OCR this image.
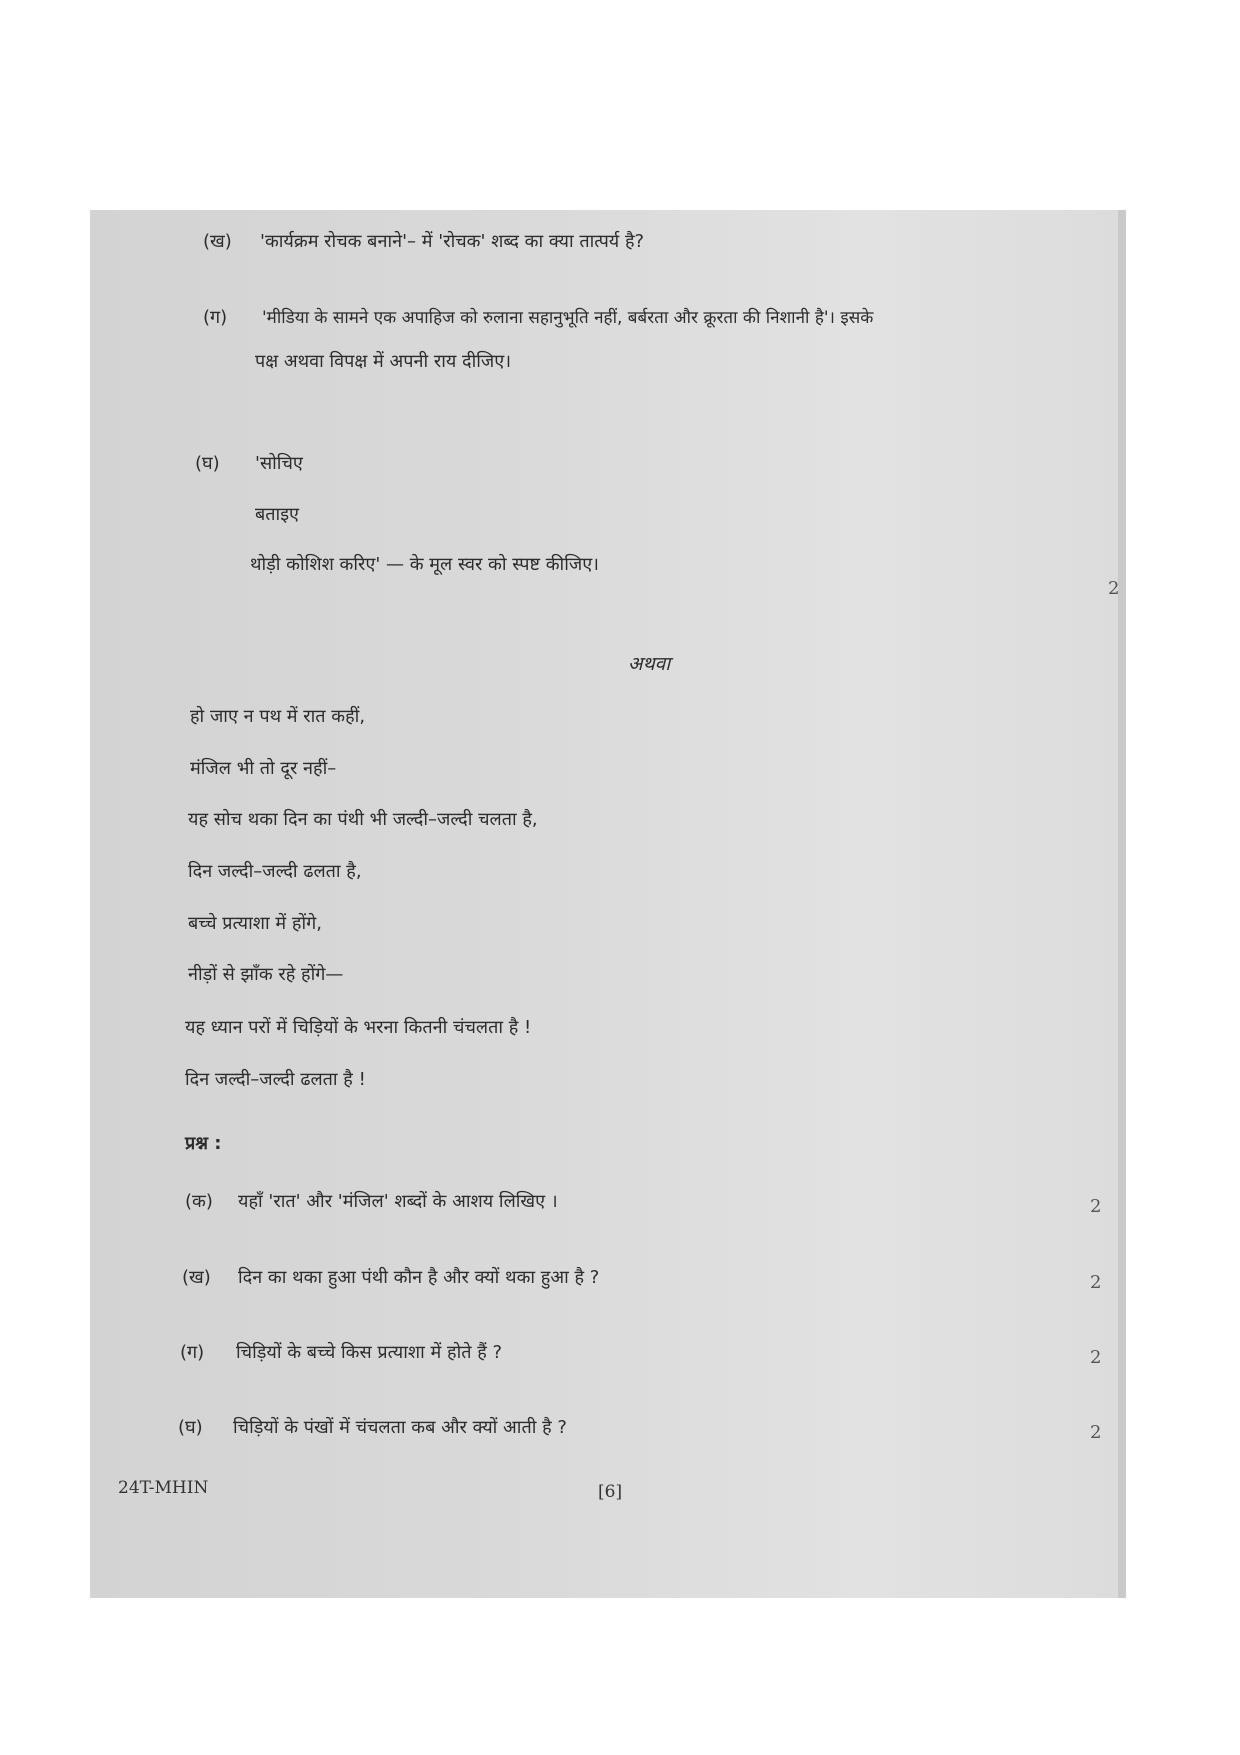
(ख) 'कार्यक्रम रोचक बनाने'– में 'रोचक' शब्द का क्या तात्पर्य है?
(ग) 'मीडिया के सामने एक अपाहिज को रुलाना सहानुभूति नहीं, बर्बरता और क्रूरता की निशानी है'। इसके
पक्ष अथवा विपक्ष में अपनी राय दीजिए।
(घ) 'सोचिए
बताइए
थोड़ी कोशिश करिए' — के मूल स्वर को स्पष्ट कीजिए।
2
अथवा
हो जाए न पथ में रात कहीं,
मंजिल भी तो दूर नहीं–
यह सोच थका दिन का पंथी भी जल्दी–जल्दी चलता है,
दिन जल्दी–जल्दी ढलता है,
बच्चे प्रत्याशा में होंगे,
नीड़ों से झाँक रहे होंगे—
यह ध्यान परों में चिड़ियों के भरना कितनी चंचलता है !
दिन जल्दी–जल्दी ढलता है !
प्रश्न :
(क) यहाँ 'रात' और 'मंजिल' शब्दों के आशय लिखिए ।	2
(ख) दिन का थका हुआ पंथी कौन है और क्यों थका हुआ है ?	2
(ग) चिड़ियों के बच्चे किस प्रत्याशा में होते हैं ?	2
(घ) चिड़ियों के पंखों में चंचलता कब और क्यों आती है ?	2
24T-MHIN	[6]
